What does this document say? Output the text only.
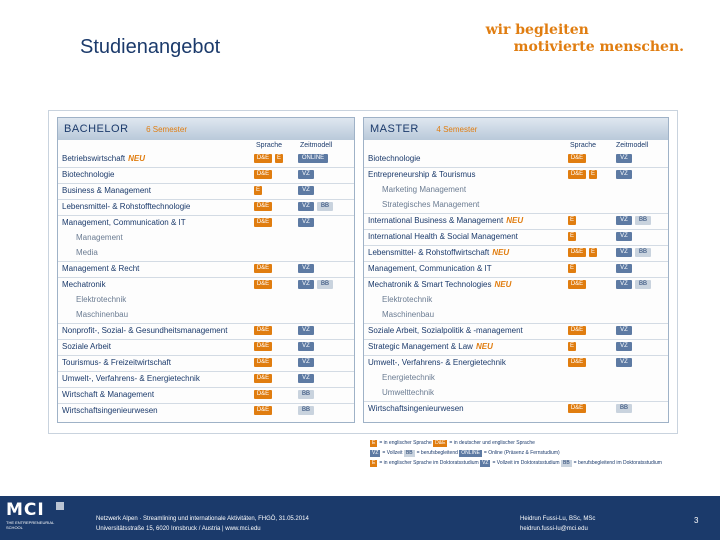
Studienangebot
wir begleiten
motivierte menschen.
BACHELOR 6 Semester
Sprache	Zeitmodell
Betriebswirtschaft NEU	D&E	E	ONLINE
Biotechnologie	D&E	VZ
Business & Management	E	VZ
Lebensmittel- & Rohstofftechnologie	D&E	VZ	BB
Management, Communication & IT	D&E	VZ
Management
Media
Management & Recht	D&E	VZ
Mechatronik	D&E	VZ	BB
Elektrotechnik
Maschinenbau
Nonprofit-, Sozial- & Gesundheitsmanagement	D&E	VZ
Soziale Arbeit	D&E	VZ
Tourismus- & Freizeitwirtschaft	D&E	VZ
Umwelt-, Verfahrens- & Energietechnik	D&E	VZ
Wirtschaft & Management	D&E	BB
Wirtschaftsingenieurwesen	D&E	BB
MASTER 4 Semester
Sprache	Zeitmodell
Biotechnologie	D&E	VZ
Entrepreneurship & Tourismus	D&E	E	VZ
Marketing Management
Strategisches Management
International Business & Management NEU	E	VZ	BB
International Health & Social Management	E	VZ
Lebensmittel- & Rohstoffwirtschaft NEU	D&E	E	VZ	BB
Management, Communication & IT	E	VZ
Mechatronik & Smart Technologies NEU	D&E	VZ	BB
Elektrotechnik
Maschinenbau
Soziale Arbeit, Sozialpolitik & -management	D&E	VZ
Strategic Management & Law NEU	E	VZ
Umwelt-, Verfahrens- & Energietechnik	D&E	VZ
Energietechnik
Umwelttechnik
Wirtschaftsingenieurwesen	D&E	BB
E = in englischer Sprache D&E = in deutscher und englischer Sprache
VZ = Vollzeit BB = berufsbegleitend ONLINE = Online (Präsenz & Fernstudium)
E = in englischer Sprache im Doktoratsstudium VZ = Vollzeit im Doktoratsstudium BB = berufsbegleitend im Doktoratsstudium
MCI
THE ENTREPRENEURIAL
SCHOOL
Netzwerk Alpen · Streamlining und internationale Aktivitäten, FHGÖ, 31.05.2014
Universitätsstraße 15, 6020 Innsbruck / Austria | www.mci.edu
Heidrun Fussi-Lu, BSc, MSc
heidrun.fussi-lu@mci.edu
3
